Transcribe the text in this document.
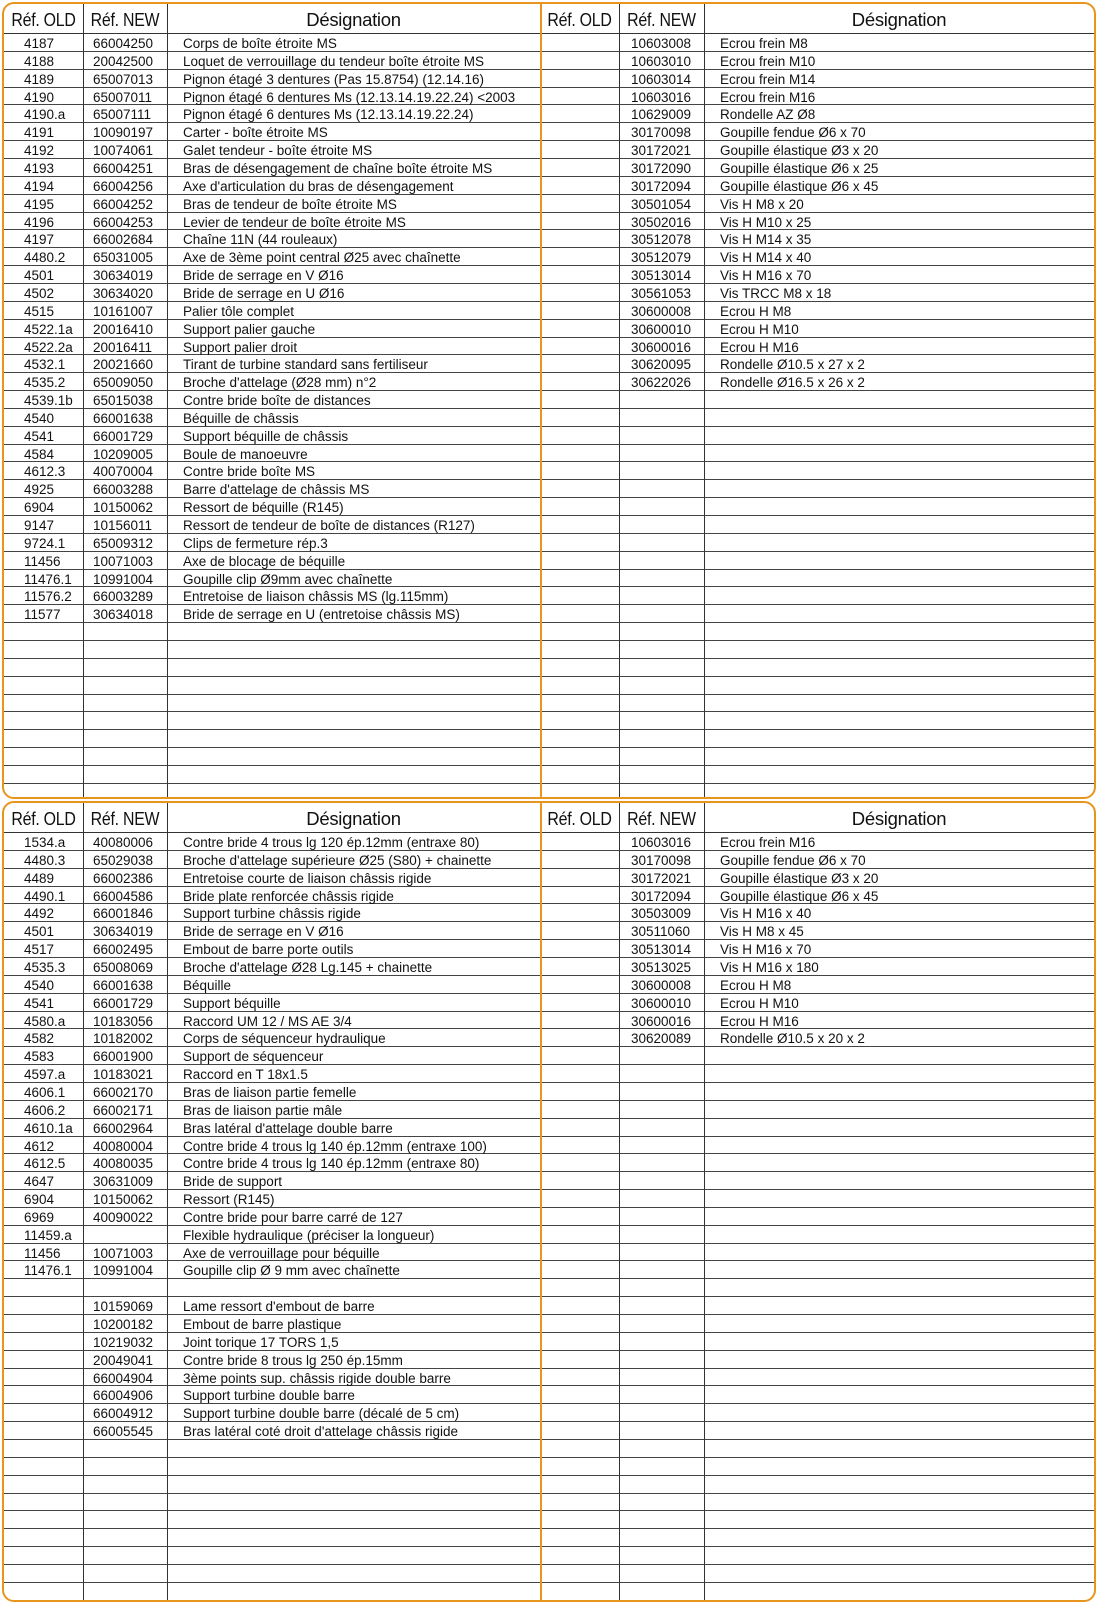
Réf. OLD Réf. NEW	Désignation	Réf. OLD Réf. NEW	Désignation
4187	66004250 Corps de boîte étroite MS
4188	20042500 Loquet de verrouillage du tendeur boîte étroite MS
4189	65007013 Pignon étagé 3 dentures (Pas 15.8754) (12.14.16)
4190	65007011 Pignon étagé 6 dentures Ms (12.13.14.19.22.24) <2003
4190.a 65007111 Pignon étagé 6 dentures Ms (12.13.14.19.22.24)
4191	10090197 Carter - boîte étroite MS
4192	10074061 Galet tendeur - boîte étroite MS
4193	66004251 Bras de désengagement de chaîne boîte étroite MS
4194	66004256 Axe d'articulation du bras de désengagement
4195	66004252 Bras de tendeur de boîte étroite MS
4196	66004253 Levier de tendeur de boîte étroite MS
4197	66002684 Chaîne 11N (44 rouleaux)
4480.2 65031005 Axe de 3ème point central Ø25 avec chaînette
4501	30634019 Bride de serrage en V Ø16
4502	30634020 Bride de serrage en U Ø16
4515	10161007 Palier tôle complet
4522.1a 20016410 Support palier gauche
4522.2a 20016411 Support palier droit
4532.1 20021660 Tirant de turbine standard sans fertiliseur
4535.2 65009050 Broche d'attelage (Ø28 mm) n°2
4539.1b 65015038 Contre bride boîte de distances
4540	66001638 Béquille de châssis
4541	66001729 Support béquille de châssis
4584	10209005 Boule de manoeuvre
4612.3 40070004 Contre bride boîte MS
4925	66003288 Barre d'attelage de châssis MS
6904	10150062 Ressort de béquille (R145)
9147	10156011 Ressort de tendeur de boîte de distances (R127)
9724.1 65009312 Clips de fermeture rép.3
11456 10071003 Axe de blocage de béquille
11476.1 10991004 Goupille clip Ø9mm avec chaînette
11576.2 66003289 Entretoise de liaison châssis MS (lg.115mm)
11577 30634018 Bride de serrage en U (entretoise châssis MS)
10603008 Ecrou frein M8
10603010 Ecrou frein M10
10603014 Ecrou frein M14
10603016 Ecrou frein M16
10629009 Rondelle AZ Ø8
30170098 Goupille fendue Ø6 x 70
30172021 Goupille élastique Ø3 x 20
30172090 Goupille élastique Ø6 x 25
30172094 Goupille élastique Ø6 x 45
30501054 Vis H M8 x 20
30502016 Vis H M10 x 25
30512078 Vis H M14 x 35
30512079 Vis H M14 x 40
30513014 Vis H M16 x 70
30561053 Vis TRCC M8 x 18
30600008 Ecrou H M8
30600010 Ecrou H M10
30600016 Ecrou H M16
30620095 Rondelle Ø10.5 x 27 x 2
30622026 Rondelle Ø16.5 x 26 x 2
Réf. OLD Réf. NEW	Désignation	Réf. OLD Réf. NEW	Désignation
1534.a 40080006 Contre bride 4 trous lg 120 ép.12mm (entraxe 80)
4480.3 65029038 Broche d'attelage supérieure Ø25 (S80) + chainette
4489	66002386 Entretoise courte de liaison châssis rigide
4490.1 66004586 Bride plate renforcée châssis rigide
4492	66001846 Support turbine châssis rigide
4501	30634019 Bride de serrage en V Ø16
4517	66002495 Embout de barre porte outils
4535.3 65008069 Broche d'attelage Ø28 Lg.145 + chainette
4540	66001638 Béquille
4541	66001729 Support béquille
4580.a 10183056 Raccord UM 12 / MS AE 3/4
4582	10182002 Corps de séquenceur hydraulique
4583	66001900 Support de séquenceur
4597.a 10183021 Raccord en T 18x1.5
4606.1 66002170 Bras de liaison partie femelle
4606.2 66002171 Bras de liaison partie mâle
4610.1a 66002964 Bras latéral d'attelage double barre
4612	40080004 Contre bride 4 trous lg 140 ép.12mm (entraxe 100)
4612.5 40080035 Contre bride 4 trous lg 140 ép.12mm (entraxe 80)
4647	30631009 Bride de support
6904	10150062 Ressort (R145)
6969	40090022 Contre bride pour barre carré de 127
11459.a	Flexible hydraulique (préciser la longueur)
11456 10071003 Axe de verrouillage pour béquille
11476.1 10991004 Goupille clip Ø 9 mm avec chaînette
10159069 Lame ressort d'embout de barre
10200182 Embout de barre plastique
10219032 Joint torique 17 TORS 1,5
20049041 Contre bride 8 trous lg 250 ép.15mm
66004904 3ème points sup. châssis rigide double barre
66004906 Support turbine double barre
66004912 Support turbine double barre (décalé de 5 cm)
66005545 Bras latéral coté droit d'attelage châssis rigide
10603016 Ecrou frein M16
30170098 Goupille fendue Ø6 x 70
30172021 Goupille élastique Ø3 x 20
30172094 Goupille élastique Ø6 x 45
30503009 Vis H M16 x 40
30511060 Vis H M8 x 45
30513014 Vis H M16 x 70
30513025 Vis H M16 x 180
30600008 Ecrou H M8
30600010 Ecrou H M10
30600016 Ecrou H M16
30620089 Rondelle Ø10.5 x 20 x 2
